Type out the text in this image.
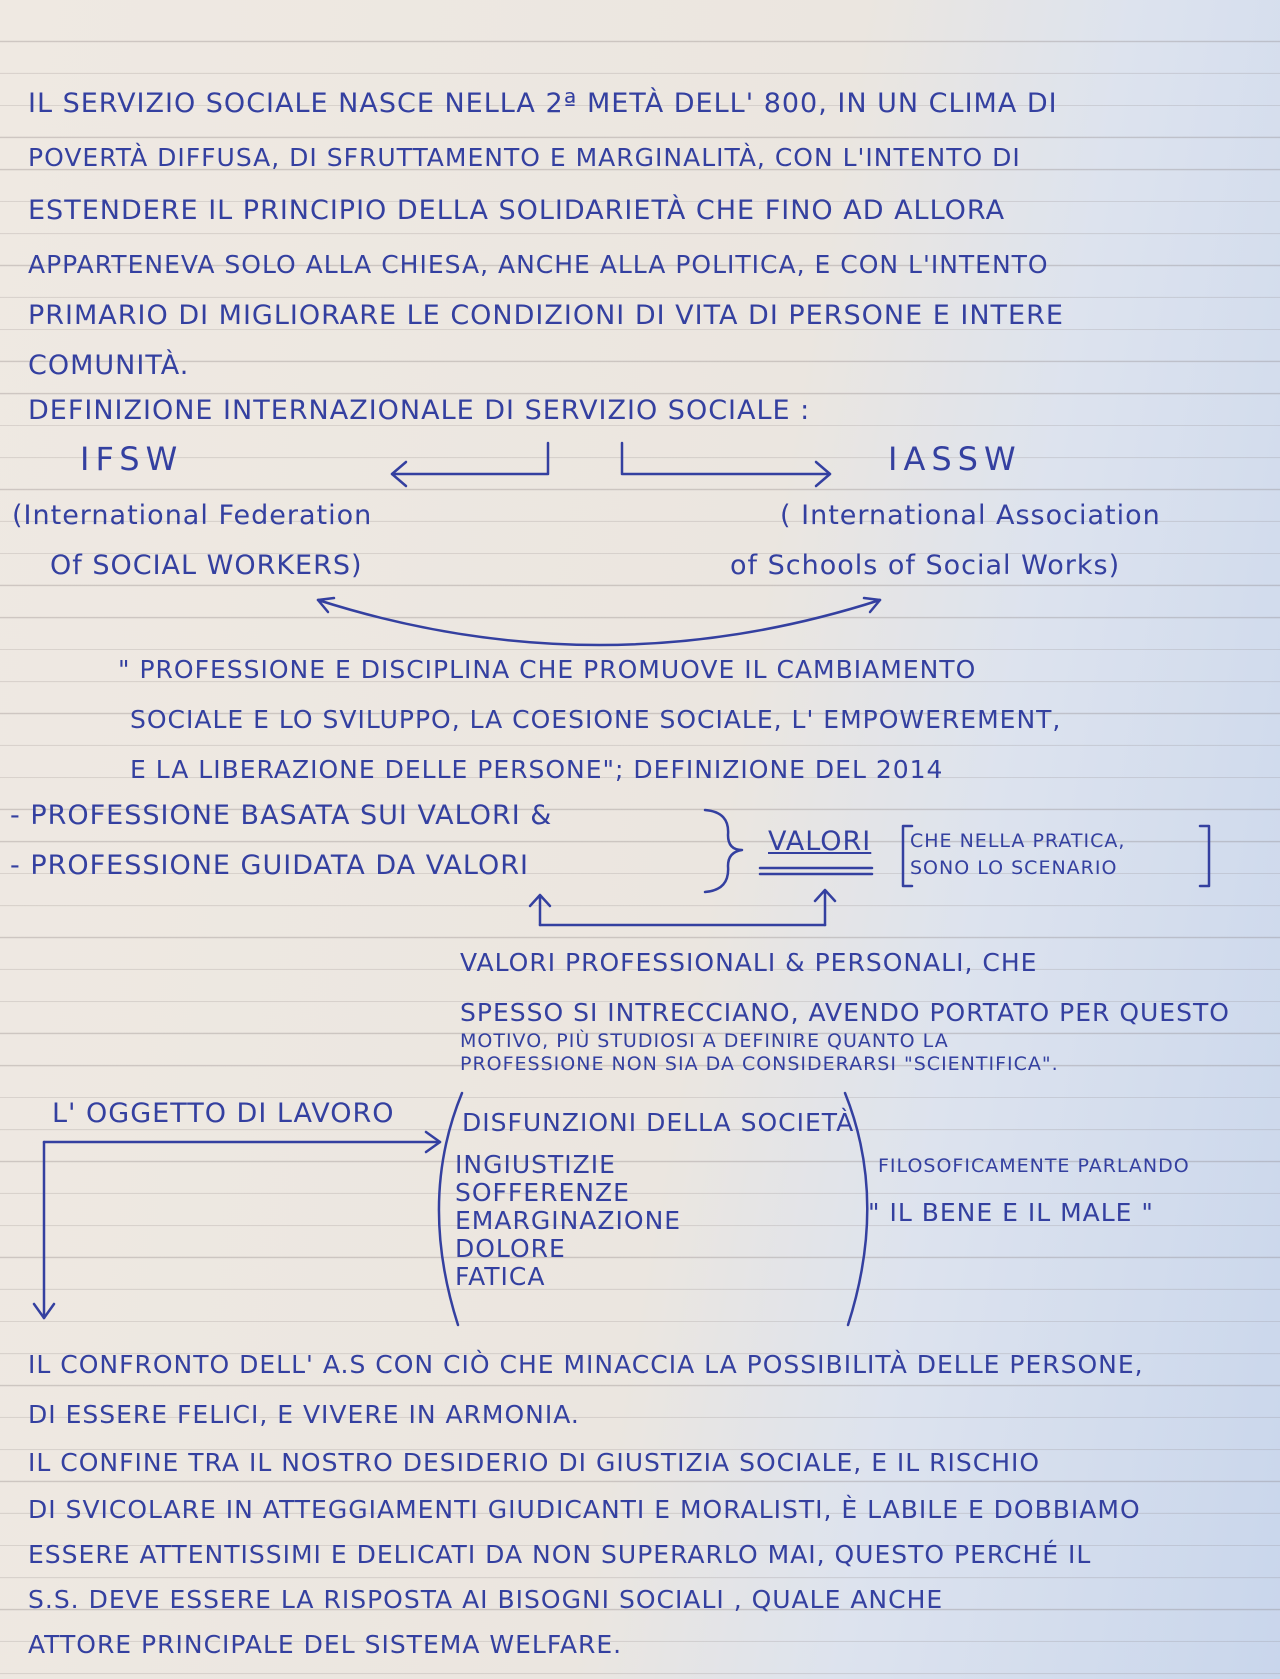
IL SERVIZIO SOCIALE NASCE NELLA 2ª METÀ DELL' 800, IN UN CLIMA DI
POVERTÀ DIFFUSA, DI SFRUTTAMENTO E MARGINALITÀ, CON L'INTENTO DI
ESTENDERE IL PRINCIPIO DELLA SOLIDARIETÀ CHE FINO AD ALLORA
APPARTENEVA SOLO ALLA CHIESA, ANCHE ALLA POLITICA, E CON L'INTENTO
PRIMARIO DI MIGLIORARE LE CONDIZIONI DI VITA DI PERSONE E INTERE
COMUNITÀ.
DEFINIZIONE INTERNAZIONALE DI SERVIZIO SOCIALE :
IFSW	IASSW
(International Federation
Of SOCIAL WORKERS)
( International Association
of Schools of Social Works)
" PROFESSIONE E DISCIPLINA CHE PROMUOVE IL CAMBIAMENTO
SOCIALE E LO SVILUPPO, LA COESIONE SOCIALE, L' EMPOWEREMENT,
E LA LIBERAZIONE DELLE PERSONE"; DEFINIZIONE DEL 2014
- PROFESSIONE BASATA SUI VALORI &
- PROFESSIONE GUIDATA DA VALORI
VALORI CHE NELLA PRATICA,
SONO LO SCENARIO
VALORI PROFESSIONALI & PERSONALI, CHE
SPESSO SI INTRECCIANO, AVENDO PORTATO PER QUESTO
MOTIVO, PIÙ STUDIOSI A DEFINIRE QUANTO LA
PROFESSIONE NON SIA DA CONSIDERARSI "SCIENTIFICA".
L' OGGETTO DI LAVORO	DISFUNZIONI DELLA SOCIETÀ
INGIUSTIZIE
SOFFERENZE
EMARGINAZIONE
DOLORE
FATICA
FILOSOFICAMENTE PARLANDO
" IL BENE E IL MALE "
IL CONFRONTO DELL' A.S CON CIÒ CHE MINACCIA LA POSSIBILITÀ DELLE PERSONE,
DI ESSERE FELICI, E VIVERE IN ARMONIA.
IL CONFINE TRA IL NOSTRO DESIDERIO DI GIUSTIZIA SOCIALE, E IL RISCHIO
DI SVICOLARE IN ATTEGGIAMENTI GIUDICANTI E MORALISTI, È LABILE E DOBBIAMO
ESSERE ATTENTISSIMI E DELICATI DA NON SUPERARLO MAI, QUESTO PERCHÉ IL
S.S. DEVE ESSERE LA RISPOSTA AI BISOGNI SOCIALI , QUALE ANCHE
ATTORE PRINCIPALE DEL SISTEMA WELFARE.
